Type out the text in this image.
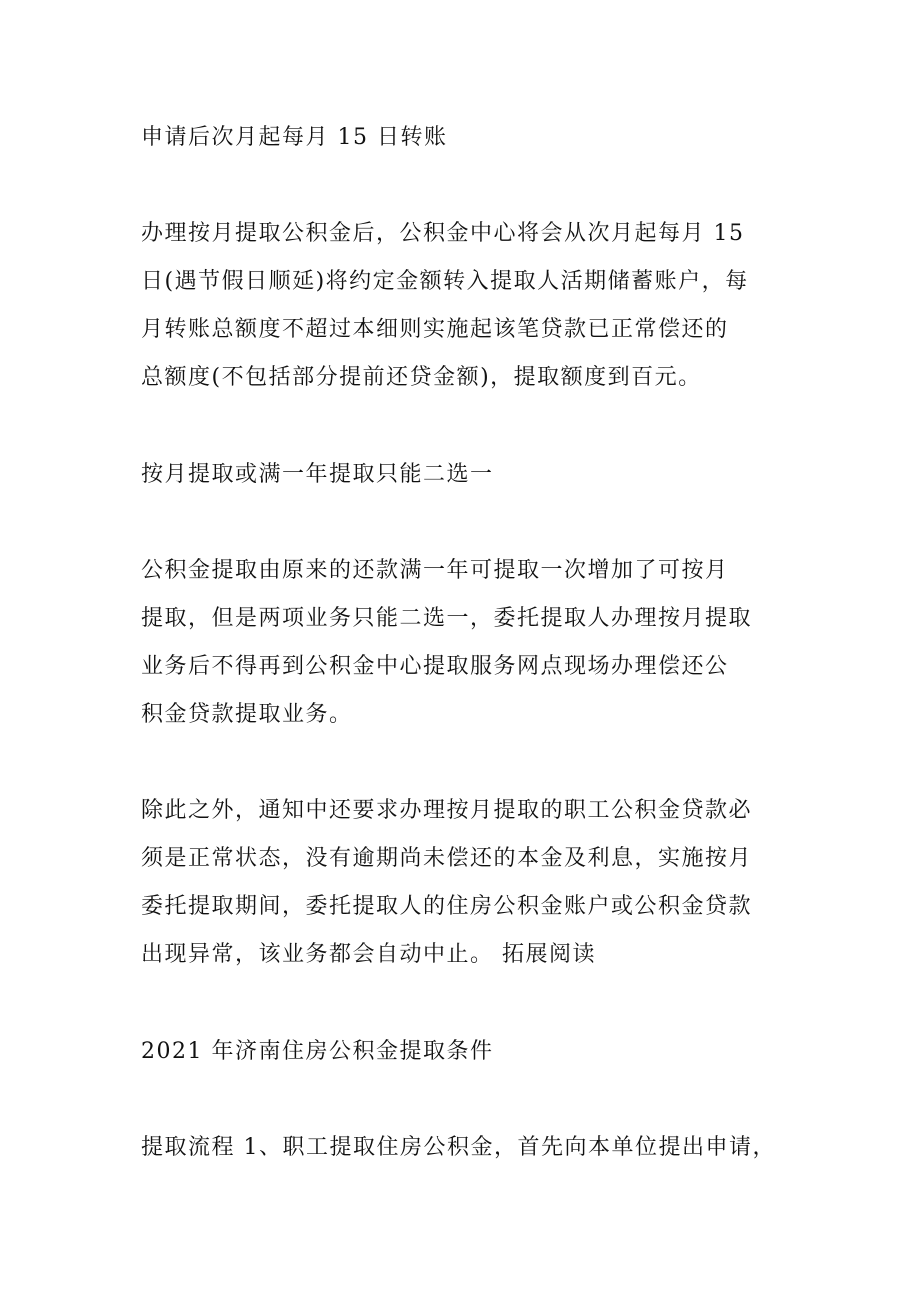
申请后次月起每月 15 日转账
办理按月提取公积金后，公积金中心将会从次月起每月 15
日(遇节假日顺延)将约定金额转入提取人活期储蓄账户，每
月转账总额度不超过本细则实施起该笔贷款已正常偿还的
总额度(不包括部分提前还贷金额)，提取额度到百元。
按月提取或满一年提取只能二选一
公积金提取由原来的还款满一年可提取一次增加了可按月
提取，但是两项业务只能二选一，委托提取人办理按月提取
业务后不得再到公积金中心提取服务网点现场办理偿还公
积金贷款提取业务。
除此之外，通知中还要求办理按月提取的职工公积金贷款必
须是正常状态，没有逾期尚未偿还的本金及利息，实施按月
委托提取期间，委托提取人的住房公积金账户或公积金贷款
出现异常，该业务都会自动中止。 拓展阅读
2021 年济南住房公积金提取条件
提取流程 1、职工提取住房公积金，首先向本单位提出申请，
